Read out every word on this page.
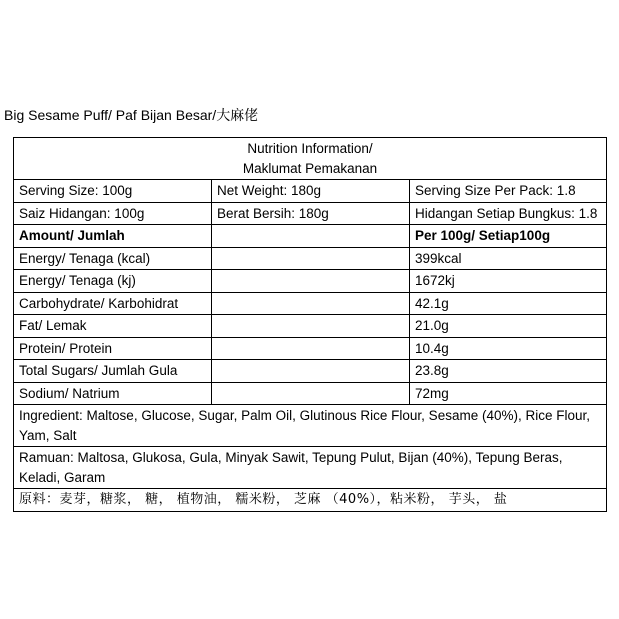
Big Sesame Puff/ Paf Bijan Besar/大麻佬
Nutrition Information/
Maklumat Pemakanan		

Serving Size: 100g	Net Weight: 180g	Serving Size Per Pack: 1.8
Saiz Hidangan: 100g	Berat Bersih: 180g	Hidangan Setiap Bungkus: 1.8
Amount/ Jumlah		Per 100g/ Setiap100g
Energy/ Tenaga (kcal)		399kcal
Energy/ Tenaga (kj)		1672kj
Carbohydrate/ Karbohidrat		42.1g
Fat/ Lemak		21.0g
Protein/ Protein		10.4g
Total Sugars/ Jumlah Gula		23.8g
Sodium/ Natrium		72mg
Ingredient: Maltose, Glucose, Sugar, Palm Oil, Glutinous Rice Flour, Sesame (40%), Rice Flour, Yam, Salt		
Ramuan: Maltosa, Glukosa, Gula, Minyak Sawit, Tepung Pulut, Bijan (40%), Tepung Beras, Keladi, Garam		
原料：麦芽，糖浆， 糖， 植物油， 糯米粉， 芝麻 （40%），粘米粉， 芋头， 盐		
